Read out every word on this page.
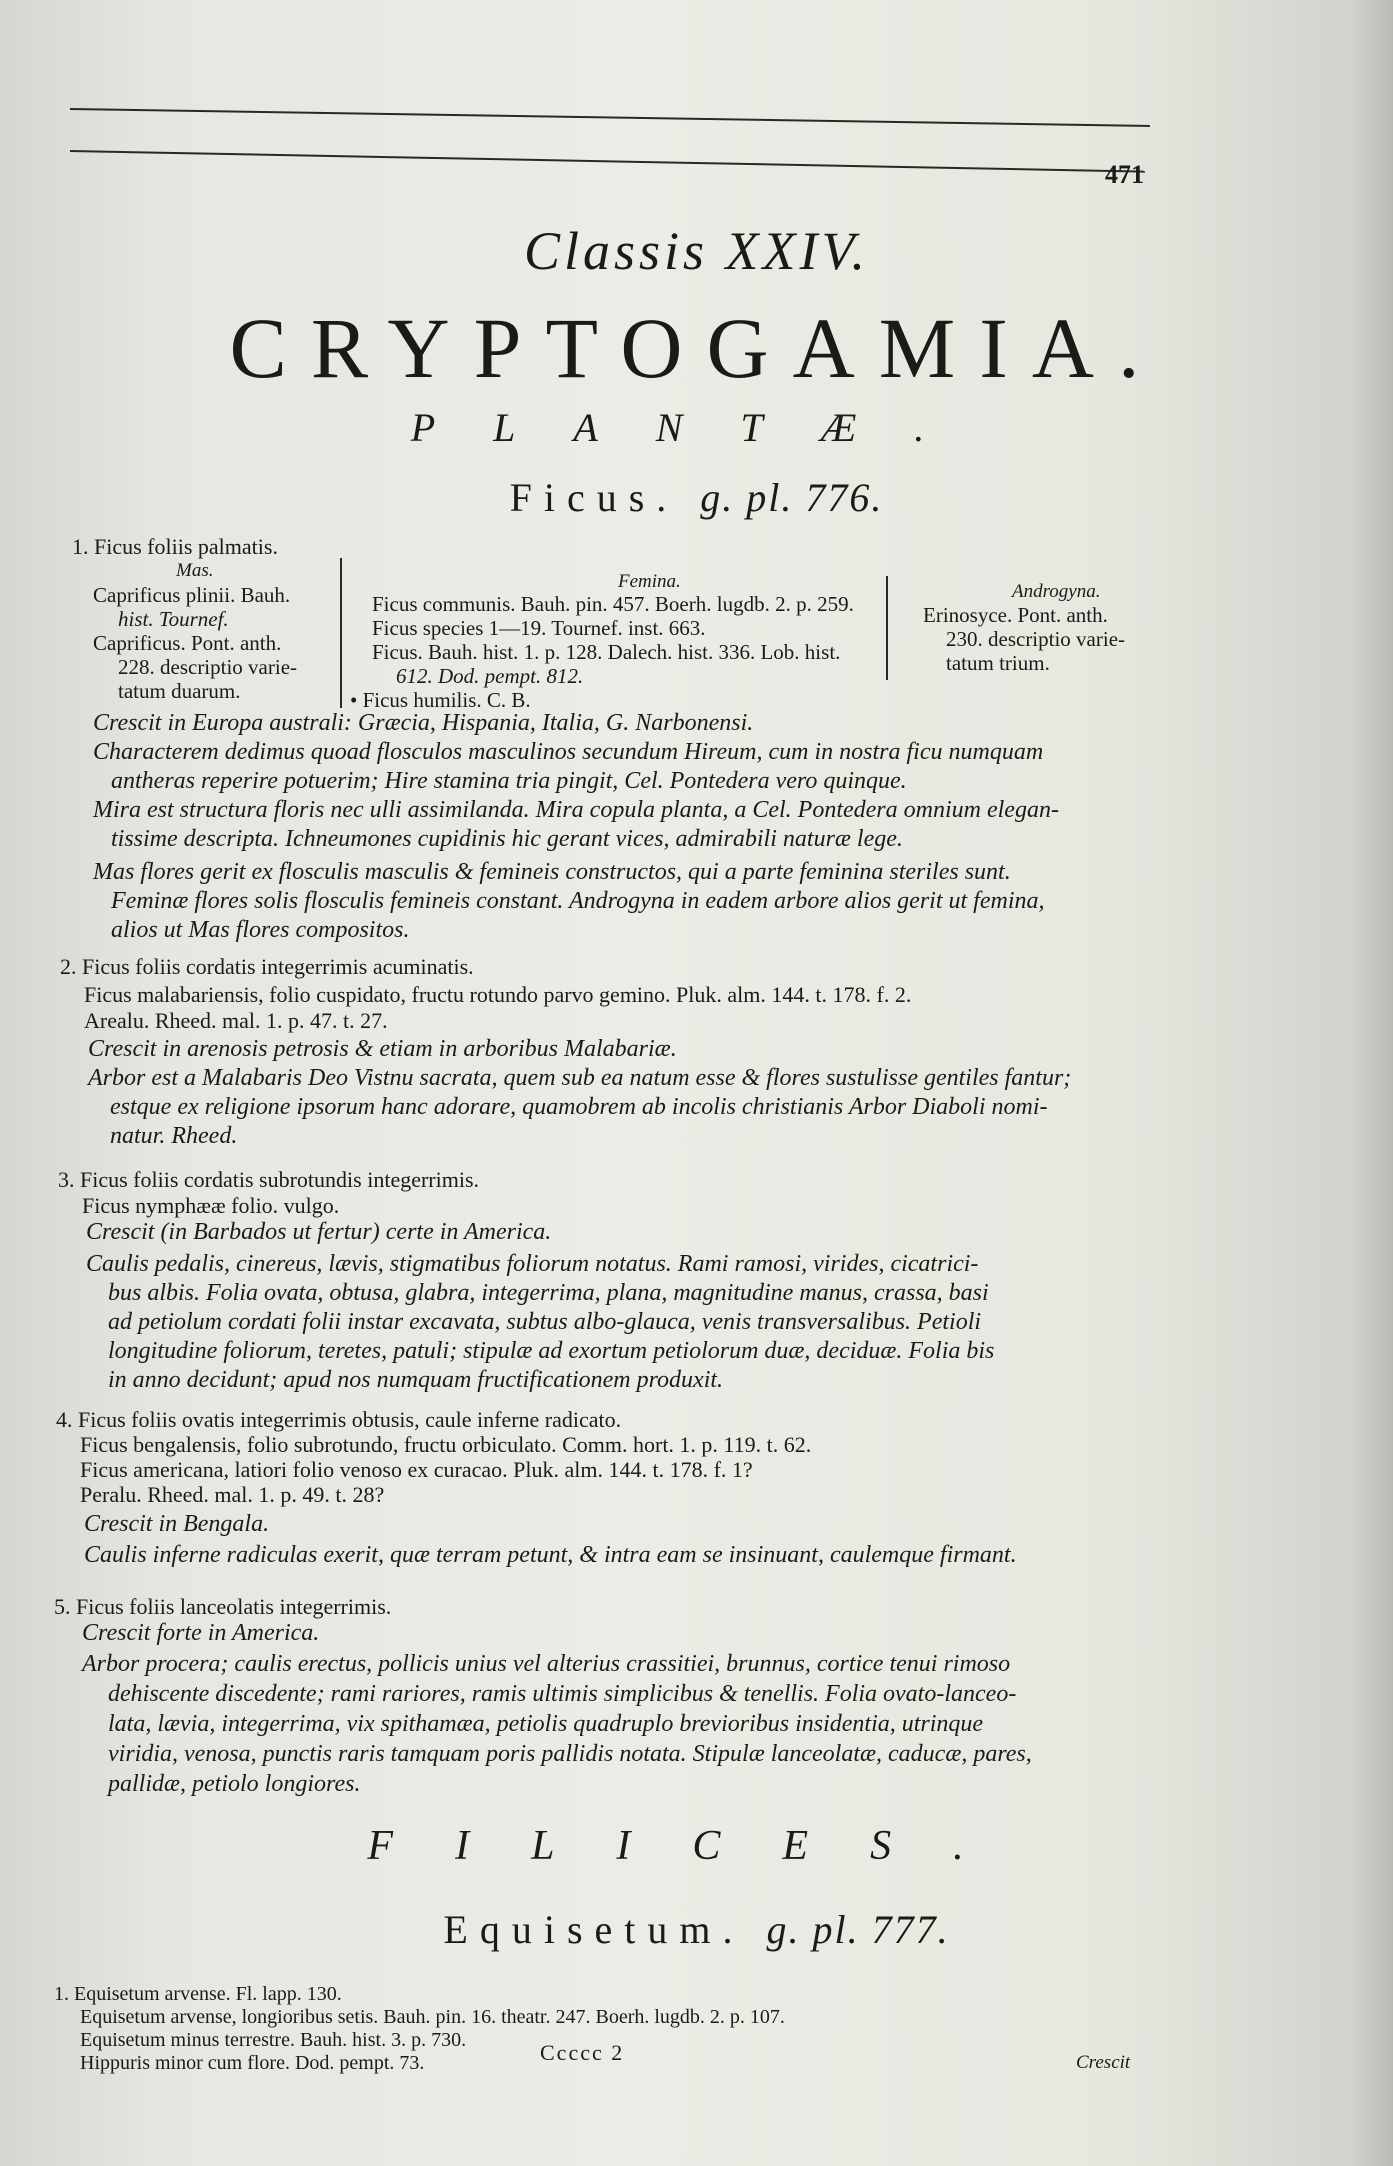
471
Classis XXIV.
CRYPTOGAMIA.
PLANTÆ.
Ficus. g. pl. 776.
1. Ficus foliis palmatis.
Mas.
Caprificus plinii. Bauh.
hist. Tournef.
Caprificus. Pont. anth.
228. descriptio varie-
tatum duarum.
Femina.
Ficus communis. Bauh. pin. 457. Boerh. lugdb. 2. p. 259.
Ficus species 1—19. Tournef. inst. 663.
Ficus. Bauh. hist. 1. p. 128. Dalech. hist. 336. Lob. hist.
612. Dod. pempt. 812.
• Ficus humilis. C. B.
Androgyna.
Erinosyce. Pont. anth.
230. descriptio varie-
tatum trium.
Crescit in Europa australi: Græcia, Hispania, Italia, G. Narbonensi.
Characterem dedimus quoad flosculos masculinos secundum Hireum, cum in nostra ficu numquam
antheras reperire potuerim; Hire stamina tria pingit, Cel. Pontedera vero quinque.
Mira est structura floris nec ulli assimilanda. Mira copula planta, a Cel. Pontedera omnium elegan-
tissime descripta. Ichneumones cupidinis hic gerant vices, admirabili naturæ lege.
Mas flores gerit ex flosculis masculis & femineis constructos, qui a parte feminina steriles sunt.
Feminæ flores solis flosculis femineis constant. Androgyna in eadem arbore alios gerit ut femina,
alios ut Mas flores compositos.
2. Ficus foliis cordatis integerrimis acuminatis.
Ficus malabariensis, folio cuspidato, fructu rotundo parvo gemino. Pluk. alm. 144. t. 178. f. 2.
Arealu. Rheed. mal. 1. p. 47. t. 27.
Crescit in arenosis petrosis & etiam in arboribus Malabariæ.
Arbor est a Malabaris Deo Vistnu sacrata, quem sub ea natum esse & flores sustulisse gentiles fantur;
estque ex religione ipsorum hanc adorare, quamobrem ab incolis christianis Arbor Diaboli nomi-
natur. Rheed.
3. Ficus foliis cordatis subrotundis integerrimis.
Ficus nymphææ folio. vulgo.
Crescit (in Barbados ut fertur) certe in America.
Caulis pedalis, cinereus, lævis, stigmatibus foliorum notatus. Rami ramosi, virides, cicatrici-
bus albis. Folia ovata, obtusa, glabra, integerrima, plana, magnitudine manus, crassa, basi
ad petiolum cordati folii instar excavata, subtus albo-glauca, venis transversalibus. Petioli
longitudine foliorum, teretes, patuli; stipulæ ad exortum petiolorum duæ, deciduæ. Folia bis
in anno decidunt; apud nos numquam fructificationem produxit.
4. Ficus foliis ovatis integerrimis obtusis, caule inferne radicato.
Ficus bengalensis, folio subrotundo, fructu orbiculato. Comm. hort. 1. p. 119. t. 62.
Ficus americana, latiori folio venoso ex curacao. Pluk. alm. 144. t. 178. f. 1?
Peralu. Rheed. mal. 1. p. 49. t. 28?
Crescit in Bengala.
Caulis inferne radiculas exerit, quæ terram petunt, & intra eam se insinuant, caulemque firmant.
5. Ficus foliis lanceolatis integerrimis.
Crescit forte in America.
Arbor procera; caulis erectus, pollicis unius vel alterius crassitiei, brunnus, cortice tenui rimoso
dehiscente discedente; rami rariores, ramis ultimis simplicibus & tenellis. Folia ovato-lanceo-
lata, lævia, integerrima, vix spithamæa, petiolis quadruplo brevioribus insidentia, utrinque
viridia, venosa, punctis raris tamquam poris pallidis notata. Stipulæ lanceolatæ, caducæ, pares,
pallidæ, petiolo longiores.
FILICES.
Equisetum. g. pl. 777.
1. Equisetum arvense. Fl. lapp. 130.
Equisetum arvense, longioribus setis. Bauh. pin. 16. theatr. 247. Boerh. lugdb. 2. p. 107.
Equisetum minus terrestre. Bauh. hist. 3. p. 730.
Hippuris minor cum flore. Dod. pempt. 73.	Ccccc 2	Crescit
